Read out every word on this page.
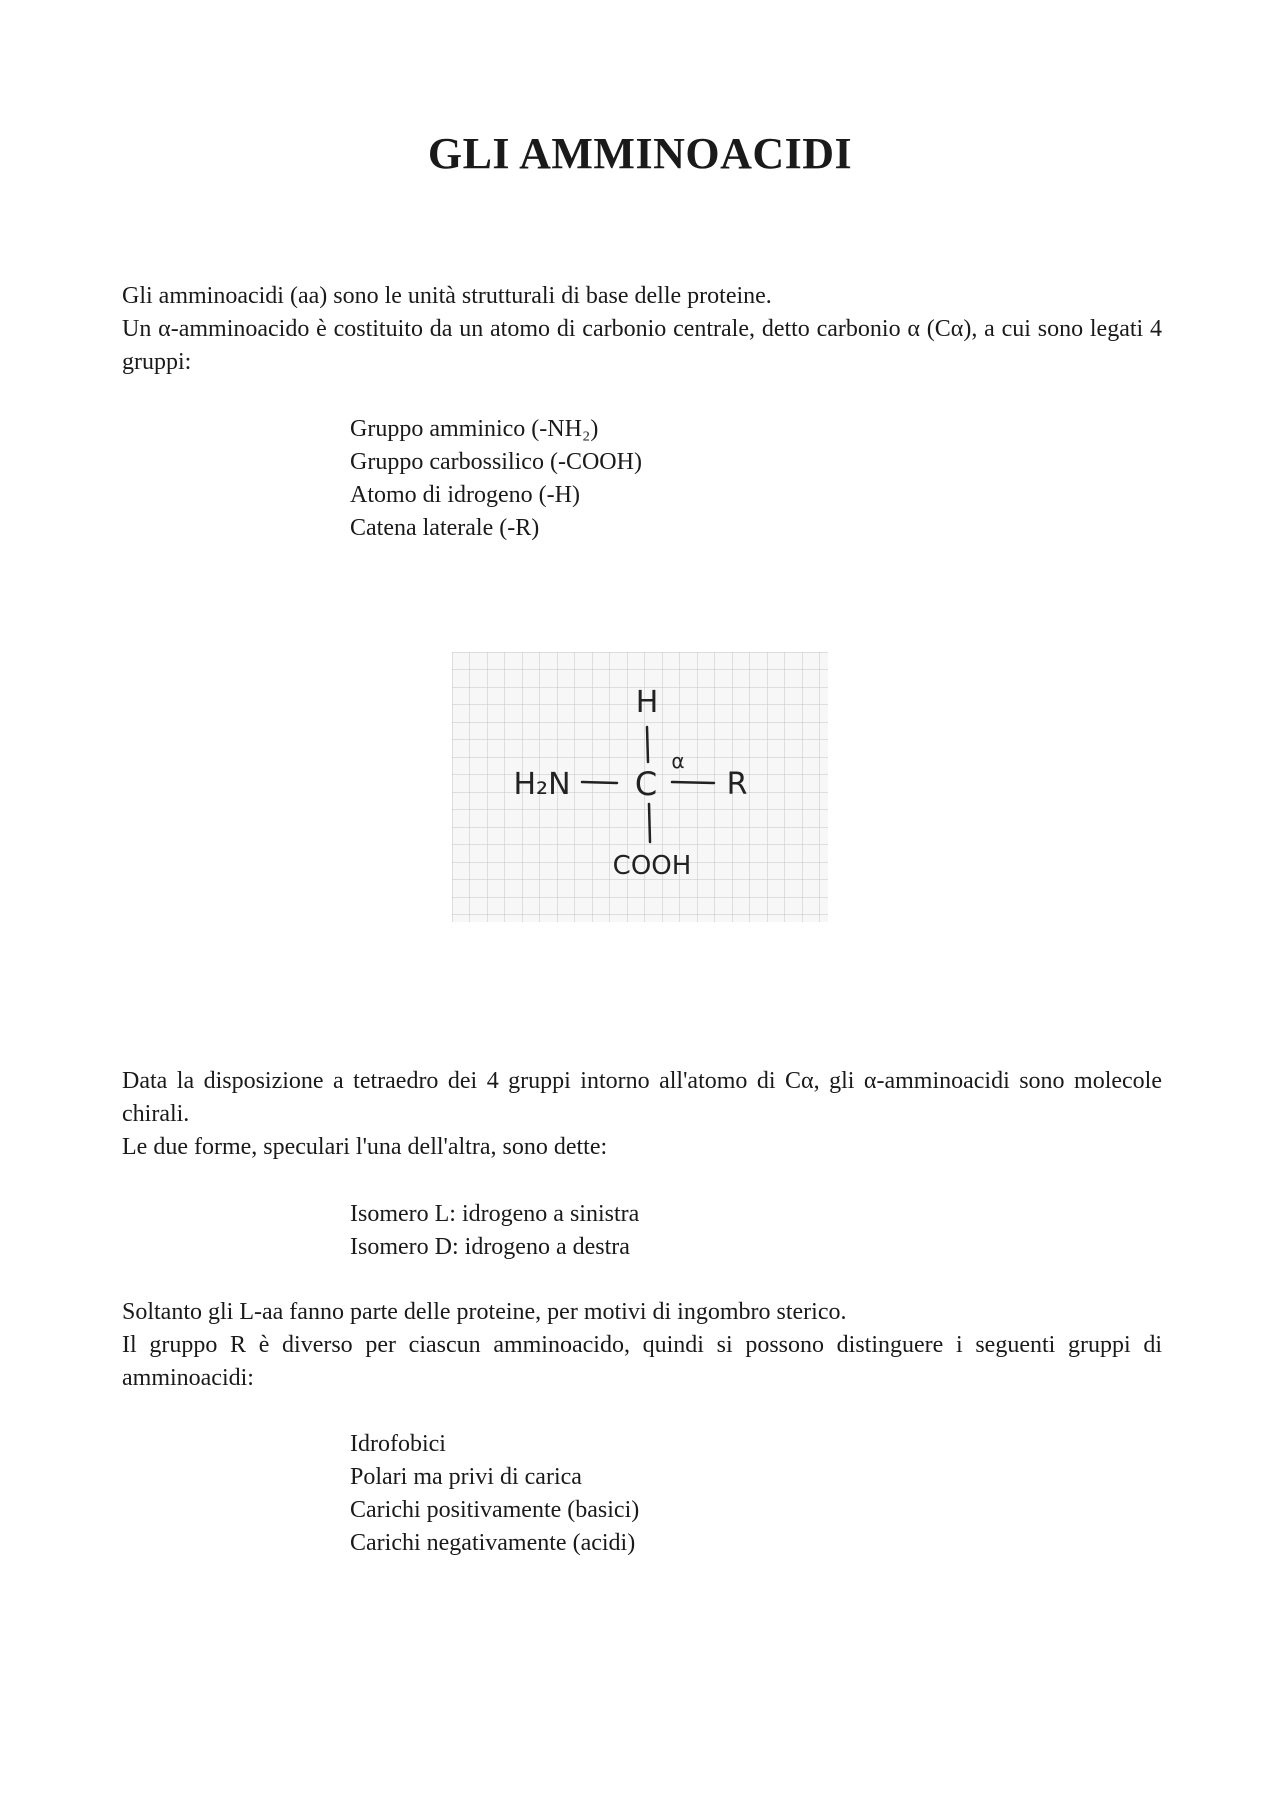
GLI AMMINOACIDI

Gli amminoacidi (aa) sono le unità strutturali di base delle proteine.

Un α-amminoacido è costituito da un atomo di carbonio centrale, detto carbonio α (Cα), a cui sono legati 4 gruppi:

Gruppo amminico (-NH₂)
Gruppo carbossilico (-COOH)
Atomo di idrogeno (-H)
Catena laterale (-R)
H
H₂N C
α
R
COOH

Data la disposizione a tetraedro dei 4 gruppi intorno all'atomo di Cα, gli α-amminoacidi sono molecole chirali.

Le due forme, speculari l'una dell'altra, sono dette:

Isomero L: idrogeno a sinistra
Isomero D: idrogeno a destra

Soltanto gli L-aa fanno parte delle proteine, per motivi di ingombro sterico.

Il gruppo R è diverso per ciascun amminoacido, quindi si possono distinguere i seguenti gruppi di amminoacidi:

Idrofobici
Polari ma privi di carica
Carichi positivamente (basici)
Carichi negativamente (acidi)
